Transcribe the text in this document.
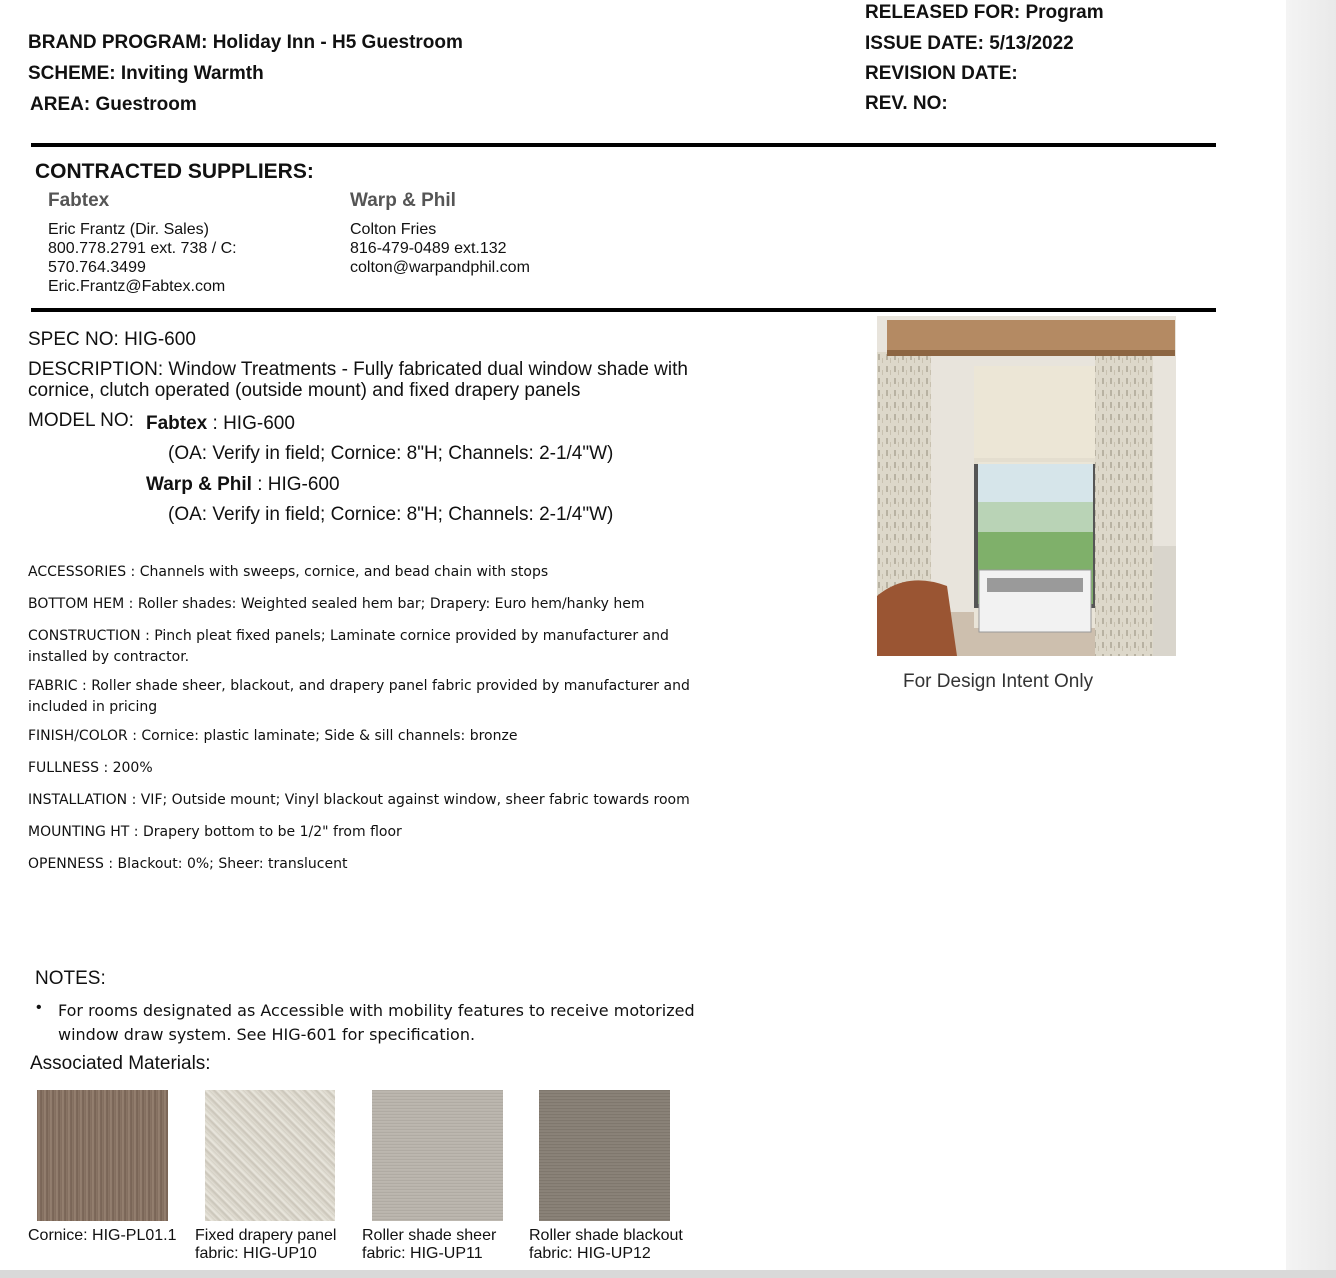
BRAND PROGRAM: Holiday Inn - H5 Guestroom
SCHEME: Inviting Warmth
AREA: Guestroom
RELEASED FOR: Program
ISSUE DATE: 5/13/2022
REVISION DATE:
REV. NO:
CONTRACTED SUPPLIERS:
Fabtex
Eric Frantz (Dir. Sales)
800.778.2791 ext. 738 / C: 570.764.3499
Eric.Frantz@Fabtex.com
Warp & Phil
Colton Fries
816-479-0489 ext.132
colton@warpandphil.com
SPEC NO: HIG-600
DESCRIPTION: Window Treatments - Fully fabricated dual window shade with cornice, clutch operated (outside mount) and fixed drapery panels
MODEL NO: Fabtex : HIG-600
(OA: Verify in field; Cornice: 8"H; Channels: 2-1/4"W)
Warp & Phil : HIG-600
(OA: Verify in field; Cornice: 8"H; Channels: 2-1/4"W)
ACCESSORIES : Channels with sweeps, cornice, and bead chain with stops
BOTTOM HEM : Roller shades: Weighted sealed hem bar; Drapery: Euro hem/hanky hem
CONSTRUCTION : Pinch pleat fixed panels; Laminate cornice provided by manufacturer and installed by contractor.
FABRIC : Roller shade sheer, blackout, and drapery panel fabric provided by manufacturer and included in pricing
FINISH/COLOR : Cornice: plastic laminate; Side & sill channels: bronze
FULLNESS : 200%
INSTALLATION : VIF; Outside mount; Vinyl blackout against window, sheer fabric towards room
MOUNTING HT : Drapery bottom to be 1/2" from floor
OPENNESS : Blackout: 0%; Sheer: translucent
For Design Intent Only
NOTES:
• For rooms designated as Accessible with mobility features to receive motorized window draw system. See HIG-601 for specification.
Associated Materials:
Cornice: HIG-PL01.1	Fixed drapery panel fabric: HIG-UP10
Roller shade sheer fabric: HIG-UP11
Roller shade blackout fabric: HIG-UP12
